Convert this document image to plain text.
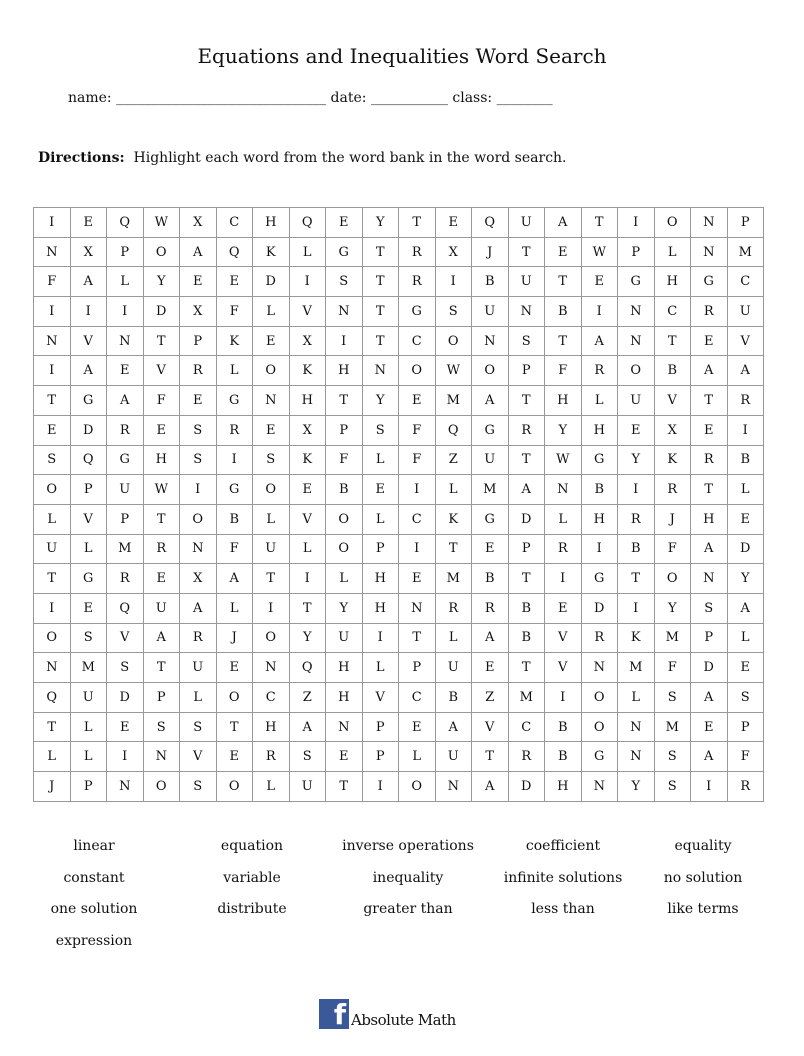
Equations and Inequalities Word Search
name: ______________________________ date: ___________ class: ________
Directions: Highlight each word from the word bank in the word search.
I	E	Q	W	X	C	H	Q	E	Y	T	E	Q	U	A	T	I	O	N	P
N	X	P	O	A	Q	K	L	G	T	R	X	J	T	E	W	P	L	N	M
F	A	L	Y	E	E	D	I	S	T	R	I	B	U	T	E	G	H	G	C
I	I	I	D	X	F	L	V	N	T	G	S	U	N	B	I	N	C	R	U
N	V	N	T	P	K	E	X	I	T	C	O	N	S	T	A	N	T	E	V
I	A	E	V	R	L	O	K	H	N	O	W	O	P	F	R	O	B	A	A
T	G	A	F	E	G	N	H	T	Y	E	M	A	T	H	L	U	V	T	R
E	D	R	E	S	R	E	X	P	S	F	Q	G	R	Y	H	E	X	E	I
S	Q	G	H	S	I	S	K	F	L	F	Z	U	T	W	G	Y	K	R	B
O	P	U	W	I	G	O	E	B	E	I	L	M	A	N	B	I	R	T	L
L	V	P	T	O	B	L	V	O	L	C	K	G	D	L	H	R	J	H	E
U	L	M	R	N	F	U	L	O	P	I	T	E	P	R	I	B	F	A	D
T	G	R	E	X	A	T	I	L	H	E	M	B	T	I	G	T	O	N	Y
I	E	Q	U	A	L	I	T	Y	H	N	R	R	B	E	D	I	Y	S	A
O	S	V	A	R	J	O	Y	U	I	T	L	A	B	V	R	K	M	P	L
N	M	S	T	U	E	N	Q	H	L	P	U	E	T	V	N	M	F	D	E
Q	U	D	P	L	O	C	Z	H	V	C	B	Z	M	I	O	L	S	A	S
T	L	E	S	S	T	H	A	N	P	E	A	V	C	B	O	N	M	E	P
L	L	I	N	V	E	R	S	E	P	L	U	T	R	B	G	N	S	A	F
J	P	N	O	S	O	L	U	T	I	O	N	A	D	H	N	Y	S	I	R
linear	equation	inverse operations	coefficient	equality
constant	variable	inequality	infinite solutions	no solution
one solution	distribute	greater than	less than	like terms
expression
f Absolute Math
